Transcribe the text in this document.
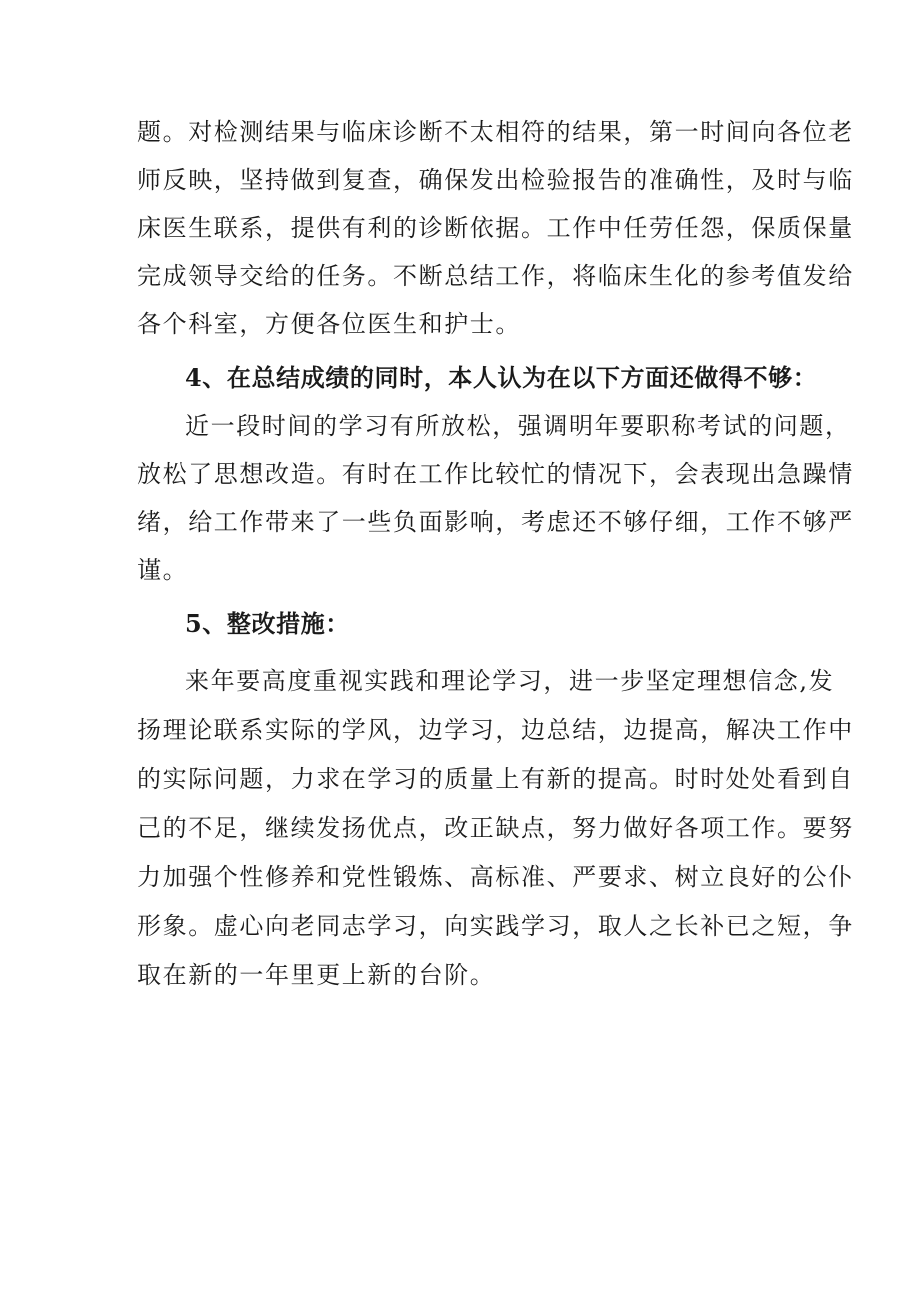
题。对检测结果与临床诊断不太相符的结果，第一时间向各位老
师反映，坚持做到复查，确保发出检验报告的准确性，及时与临
床医生联系，提供有利的诊断依据。工作中任劳任怨，保质保量
完成领导交给的任务。不断总结工作，将临床生化的参考值发给
各个科室，方便各位医生和护士。
4、在总结成绩的同时，本人认为在以下方面还做得不够：
近一段时间的学习有所放松，强调明年要职称考试的问题，
放松了思想改造。有时在工作比较忙的情况下，会表现出急躁情
绪，给工作带来了一些负面影响，考虑还不够仔细，工作不够严
谨。
5、整改措施：
来年要高度重视实践和理论学习，进一步坚定理想信念,发
扬理论联系实际的学风，边学习，边总结，边提高，解决工作中
的实际问题，力求在学习的质量上有新的提高。时时处处看到自
己的不足，继续发扬优点，改正缺点，努力做好各项工作。要努
力加强个性修养和党性锻炼、高标准、严要求、树立良好的公仆
形象。虚心向老同志学习，向实践学习，取人之长补已之短，争
取在新的一年里更上新的台阶。
